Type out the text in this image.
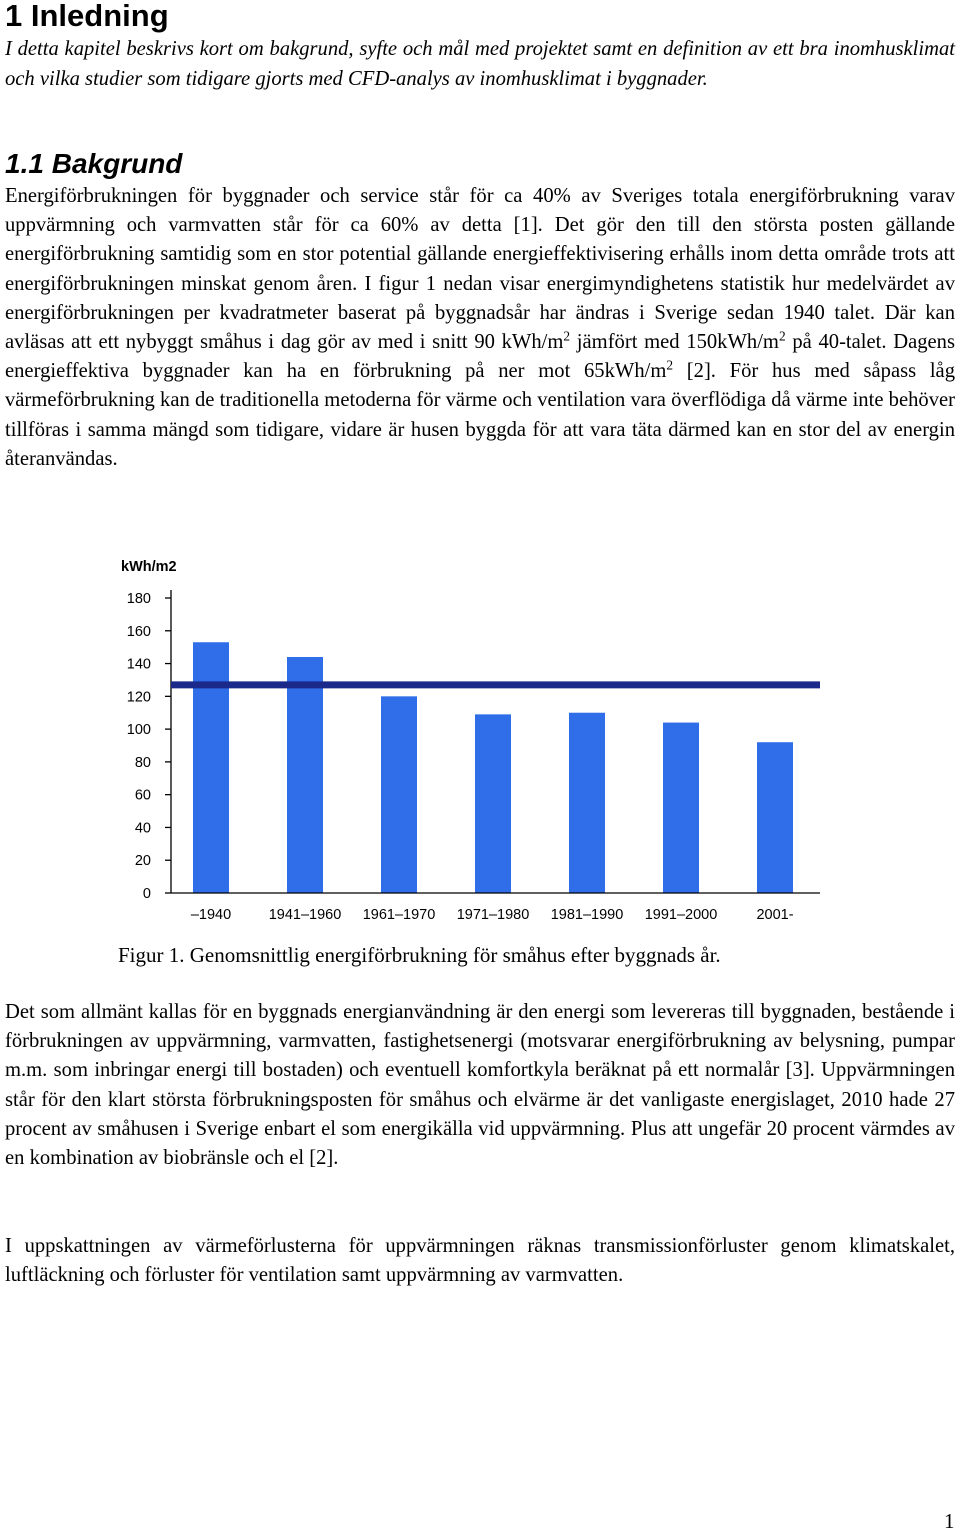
1 Inledning

I detta kapitel beskrivs kort om bakgrund, syfte och mål med projektet samt en definition av ett bra inomhusklimat och vilka studier som tidigare gjorts med CFD-analys av inomhusklimat i byggnader.

1.1 Bakgrund

Energiförbrukningen för byggnader och service står för ca 40% av Sveriges totala energiförbrukning varav uppvärmning och varmvatten står för ca 60% av detta [1]. Det gör den till den största posten gällande energiförbrukning samtidig som en stor potential gällande energieffektivisering erhålls inom detta område trots att energiförbrukningen minskat genom åren. I figur 1 nedan visar energimyndighetens statistik hur medelvärdet av energiförbrukningen per kvadratmeter baserat på byggnadsår har ändras i Sverige sedan 1940 talet. Där kan avläsas att ett nybyggt småhus i dag gör av med i snitt 90 kWh/$m^2$ jämfört med $150kWh/m^2$ på 40-talet. Dagens energieffektiva byggnader kan ha en förbrukning på ner mot $65kWh/m^2$ [2]. För hus med såpass låg värmeförbrukning kan de traditionella metoderna för värme och ventilation vara överflödiga då värme inte behöver tillföras i samma mängd som tidigare, vidare är husen byggda för att vara täta därmed kan en stor del av energin återanvändas.

kWh/m2
0
20
40
60
80
100
120
140
160
180
–1940	1941–1960 1961–1970 1971–1980 1981–1990 1991–2000	2001-

Figur 1. Genomsnittlig energiförbrukning för småhus efter byggnads år.

Det som allmänt kallas för en byggnads energianvändning är den energi som levereras till byggnaden, bestående i förbrukningen av uppvärmning, varmvatten, fastighetsenergi (motsvarar energiförbrukning av belysning, pumpar m.m. som inbringar energi till bostaden) och eventuell komfortkyla beräknat på ett normalår [3]. Uppvärmningen står för den klart största förbrukningsposten för småhus och elvärme är det vanligaste energislaget, 2010 hade 27 procent av småhusen i Sverige enbart el som energikälla vid uppvärmning. Plus att ungefär 20 procent värmdes av en kombination av biobränsle och el [2].

I uppskattningen av värmeförlusterna för uppvärmningen räknas transmissionförluster genom klimatskalet, luftläckning och förluster för ventilation samt uppvärmning av varmvatten.

1
